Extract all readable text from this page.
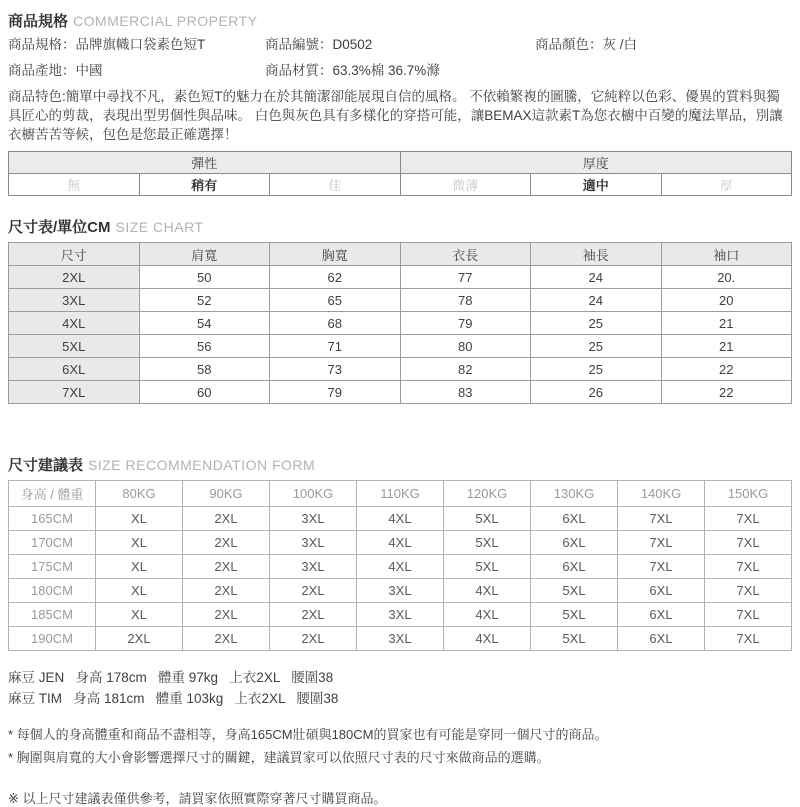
商品規格 COMMERCIAL PROPERTY
商品規格：品牌旗幟口袋素色短T	商品編號：D0502	商品顏色：灰 /白
商品產地：中國	商品材質：63.3%棉 36.7%滌
商品特色:簡單中尋找不凡，素色短T的魅力在於其簡潔卻能展現自信的風格。 不依賴繁複的圖騰，它純粹以色彩、優異的質料與獨具匠心的剪裁，表現出型男個性與品味。 白色與灰色具有多樣化的穿搭可能，讓BEMAX這款素T為您衣櫥中百變的魔法單品，別讓衣櫥苦苦等候，包色是您最正確選擇！
彈性			厚度		
無	稍有	佳	微薄	適中	厚
尺寸表/單位CM SIZE CHART
尺寸	肩寬	胸寬	衣長	袖長	袖口
2XL	50	62	77	24	20.
3XL	52	65	78	24	20
4XL	54	68	79	25	21
5XL	56	71	80	25	21
6XL	58	73	82	25	22
7XL	60	79	83	26	22
尺寸建議表 SIZE RECOMMENDATION FORM
身高 / 體重	80KG	90KG	100KG	110KG	120KG	130KG	140KG	150KG
165CM	XL	2XL	3XL	4XL	5XL	6XL	7XL	7XL
170CM	XL	2XL	3XL	4XL	5XL	6XL	7XL	7XL
175CM	XL	2XL	3XL	4XL	5XL	6XL	7XL	7XL
180CM	XL	2XL	2XL	3XL	4XL	5XL	6XL	7XL
185CM	XL	2XL	2XL	3XL	4XL	5XL	6XL	7XL
190CM	2XL	2XL	2XL	3XL	4XL	5XL	6XL	7XL
麻豆 JEN   身高 178cm   體重 97kg   上衣2XL   腰圍38
麻豆 TIM   身高 181cm   體重 103kg   上衣2XL   腰圍38
* 每個人的身高體重和商品不盡相等，身高165CM壯碩與180CM的買家也有可能是穿同一個尺寸的商品。
* 胸圍與肩寬的大小會影響選擇尺寸的關鍵，建議買家可以依照尺寸表的尺寸來做商品的選購。
※ 以上尺寸建議表僅供參考，請買家依照實際穿著尺寸購買商品。
